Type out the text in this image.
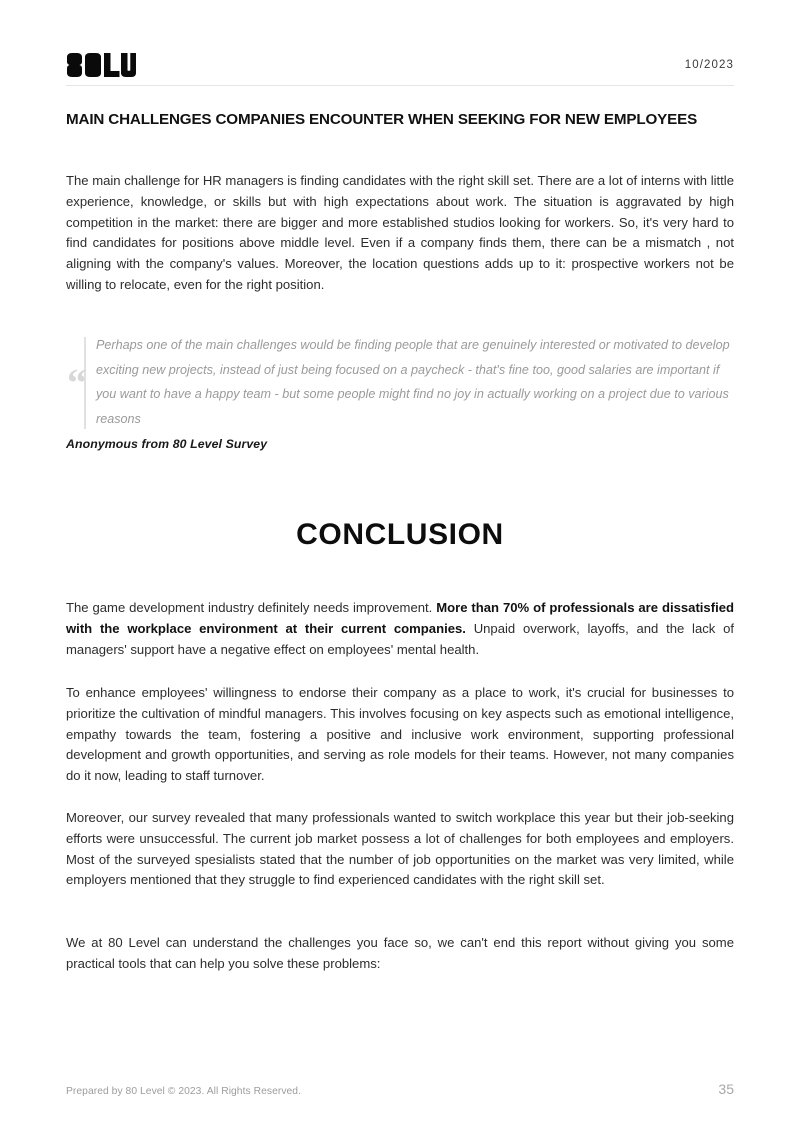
10/2023
MAIN CHALLENGES COMPANIES ENCOUNTER WHEN SEEKING FOR NEW EMPLOYEES
The main challenge for HR managers is finding candidates with the right skill set. There are a lot of interns with little experience, knowledge, or skills but with high expectations about work. The situation is aggravated by high competition in the market: there are bigger and more established studios looking for workers. So, it's very hard to find candidates for positions above middle level. Even if a company finds them, there can be a mismatch , not aligning with the company's values. Moreover, the location questions adds up to it: prospective workers not be willing to relocate, even for the right position.
“
Perhaps one of the main challenges would be finding people that are genuinely interested or motivated to develop exciting new projects, instead of just being focused on a paycheck - that's fine too, good salaries are important if you want to have a happy team - but some people might find no joy in actually working on a project due to various reasons
Anonymous from 80 Level Survey
CONCLUSION
The game development industry definitely needs improvement. More than 70% of professionals are dissatisfied with the workplace environment at their current companies. Unpaid overwork, layoffs, and the lack of managers' support have a negative effect on employees' mental health.
To enhance employees' willingness to endorse their company as a place to work, it's crucial for businesses to prioritize the cultivation of mindful managers. This involves focusing on key aspects such as emotional intelligence, empathy towards the team, fostering a positive and inclusive work environment, supporting professional development and growth opportunities, and serving as role models for their teams. However, not many companies do it now, leading to staff turnover.
Moreover, our survey revealed that many professionals wanted to switch workplace this year but their job-seeking efforts were unsuccessful. The current job market possess a lot of challenges for both employees and employers. Most of the surveyed spesialists stated that the number of job opportunities on the market was very limited, while employers mentioned that they struggle to find experienced candidates with the right skill set.
We at 80 Level can understand the challenges you face so, we can't end this report without giving you some practical tools that can help you solve these problems:
Prepared by 80 Level © 2023. All Rights Reserved.	35
